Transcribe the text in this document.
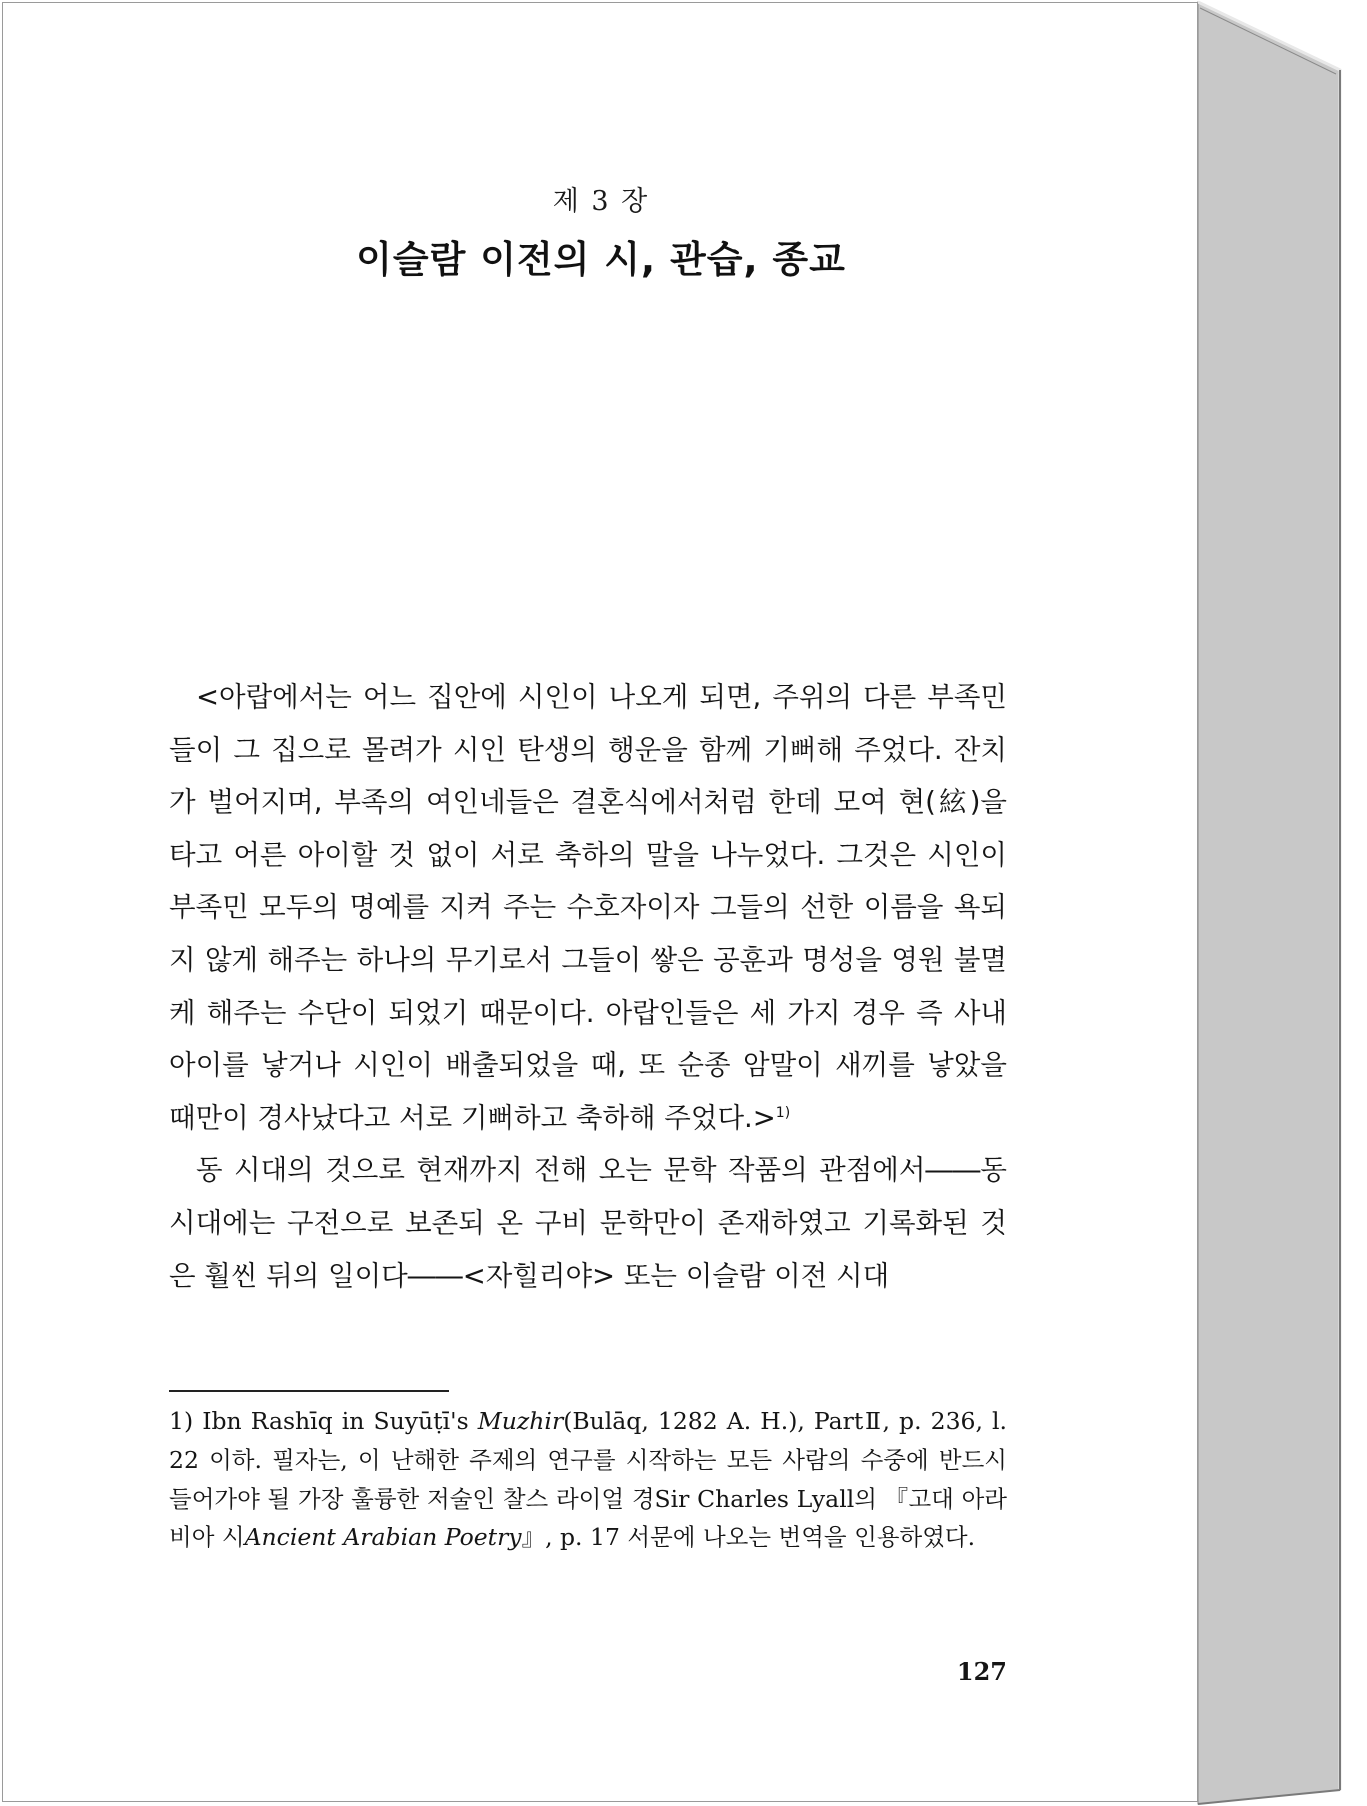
제 3 장
이슬람 이전의 시, 관습, 종교

<아랍에서는 어느 집안에 시인이 나오게 되면, 주위의 다른 부족민들이 그 집으로 몰려가 시인 탄생의 행운을 함께 기뻐해 주었다. 잔치가 벌어지며, 부족의 여인네들은 결혼식에서처럼 한데 모여 현(絃)을 타고 어른 아이할 것 없이 서로 축하의 말을 나누었다. 그것은 시인이 부족민 모두의 명예를 지켜 주는 수호자이자 그들의 선한 이름을 욕되지 않게 해주는 하나의 무기로서 그들이 쌓은 공훈과 명성을 영원 불멸케 해주는 수단이 되었기 때문이다. 아랍인들은 세 가지 경우 즉 사내 아이를 낳거나 시인이 배출되었을 때, 또 순종 암말이 새끼를 낳았을 때만이 경사났다고 서로 기뻐하고 축하해 주었다.>$^{1)}$

동 시대의 것으로 현재까지 전해 오는 문학 작품의 관점에서――동 시대에는 구전으로 보존되 온 구비 문학만이 존재하였고 기록화된 것은 훨씬 뒤의 일이다――<자힐리야> 또는 이슬람 이전 시대

1) Ibn Rashīq in Suyūṭī's Muzhir(Bulāq, 1282 A. H.), PartⅡ, p. 236, l. 22 이하. 필자는, 이 난해한 주제의 연구를 시작하는 모든 사람의 수중에 반드시 들어가야 될 가장 훌륭한 저술인 찰스 라이얼 경Sir Charles Lyall의 『고대 아라비아 시Ancient Arabian Poetry』, p. 17 서문에 나오는 번역을 인용하였다.
127
